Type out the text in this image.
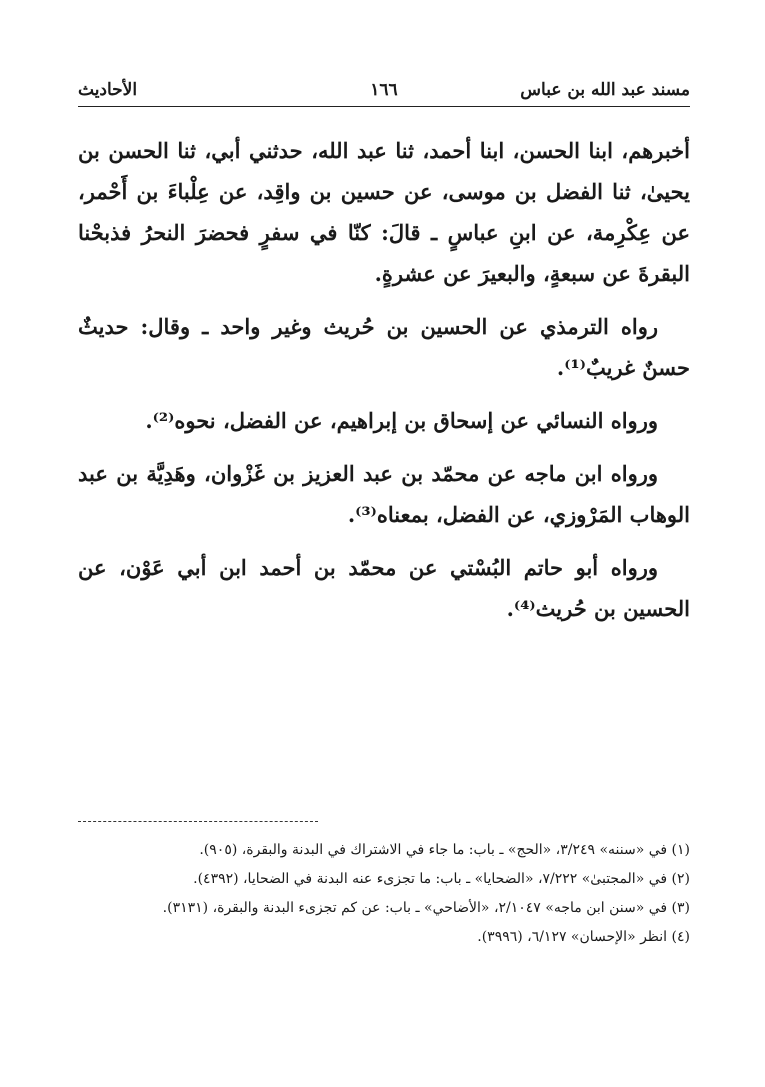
مسند عبد الله بن عباس
١٦٦
الأحاديث

أخبرهم، ابنا الحسن، ابنا أحمد، ثنا عبد الله، حدثني أبي، ثنا الحسن بن يحيىٰ، ثنا الفضل بن موسى، عن حسين بن واقِد، عن عِلْباءَ بن أَحْمر، عن عِكْرِمة، عن ابنِ عباسٍ ـ قالَ: كنّا في سفرٍ فحضرَ النحرُ فذبحْنا البقرةَ عن سبعةٍ، والبعيرَ عن عشرةٍ.

رواه الترمذي عن الحسين بن حُريث وغير واحد ـ وقال: حديثٌ حسنٌ غريبٌ⁽¹⁾.

ورواه النسائي عن إسحاق بن إبراهيم، عن الفضل، نحوه⁽²⁾.

ورواه ابن ماجه عن محمّد بن عبد العزيز بن غَزْوان، وهَدِيَّة بن عبد الوهاب المَرْوزي، عن الفضل، بمعناه⁽³⁾.

ورواه أبو حاتم البُسْتي عن محمّد بن أحمد ابن أبي عَوْن، عن الحسين بن حُريث⁽⁴⁾.

(١) في «سننه» ٣/٢٤٩، «الحج» ـ باب: ما جاء في الاشتراك في البدنة والبقرة، (٩٠٥).
(٢) في «المجتبىٰ» ٧/٢٢٢، «الضحايا» ـ باب: ما تجزىء عنه البدنة في الضحايا، (٤٣٩٢).
(٣) في «سنن ابن ماجه» ٢/١٠٤٧، «الأضاحي» ـ باب: عن كم تجزىء البدنة والبقرة، (٣١٣١).
(٤) انظر «الإحسان» ٦/١٢٧، (٣٩٩٦).
